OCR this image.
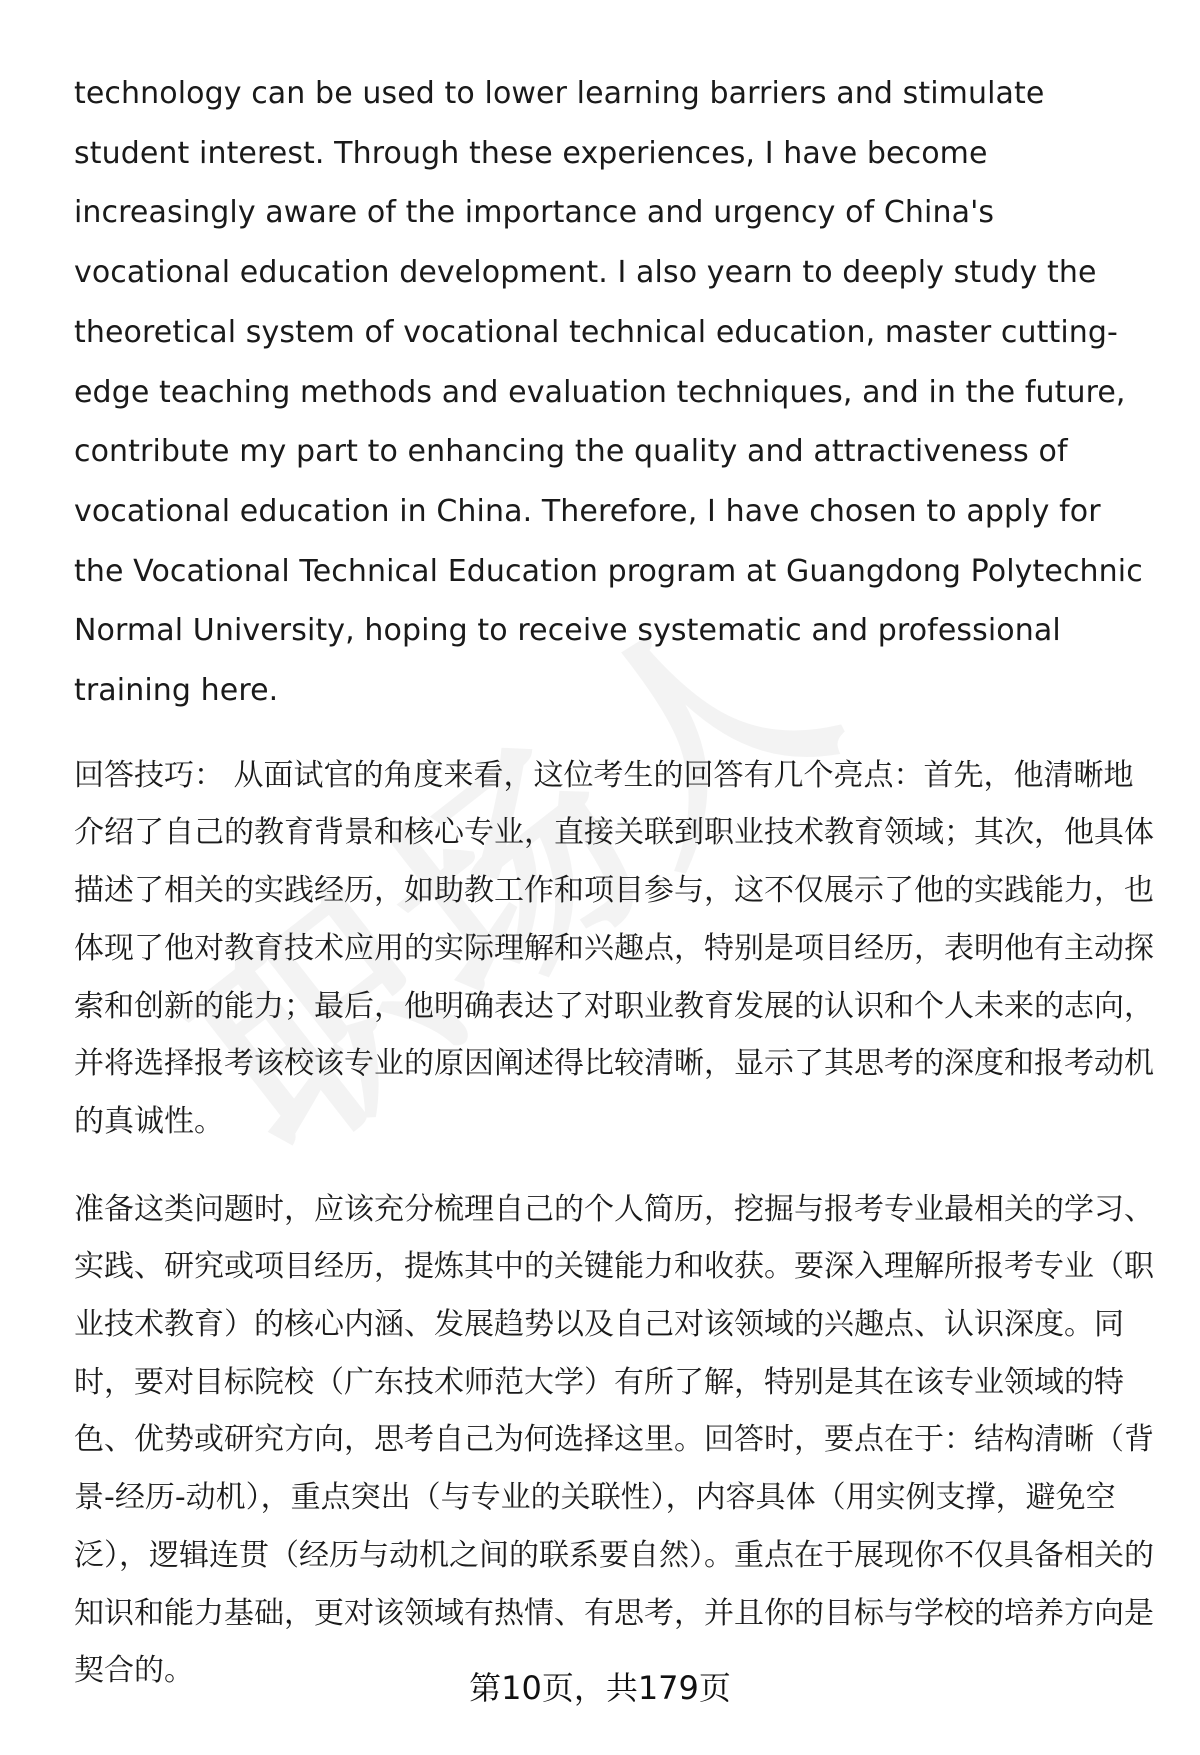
technology can be used to lower learning barriers and stimulate student interest. Through these experiences, I have become increasingly aware of the importance and urgency of China's vocational education development. I also yearn to deeply study the theoretical system of vocational technical education, master cutting-edge teaching methods and evaluation techniques, and in the future, contribute my part to enhancing the quality and attractiveness of vocational education in China. Therefore, I have chosen to apply for the Vocational Technical Education program at Guangdong Polytechnic Normal University, hoping to receive systematic and professional training here.

回答技巧： 从面试官的角度来看，这位考生的回答有几个亮点：首先，他清晰地介绍了自己的教育背景和核心专业，直接关联到职业技术教育领域；其次，他具体描述了相关的实践经历，如助教工作和项目参与，这不仅展示了他的实践能力，也体现了他对教育技术应用的实际理解和兴趣点，特别是项目经历，表明他有主动探索和创新的能力；最后，他明确表达了对职业教育发展的认识和个人未来的志向，并将选择报考该校该专业的原因阐述得比较清晰，显示了其思考的深度和报考动机的真诚性。

准备这类问题时，应该充分梳理自己的个人简历，挖掘与报考专业最相关的学习、实践、研究或项目经历，提炼其中的关键能力和收获。要深入理解所报考专业（职业技术教育）的核心内涵、发展趋势以及自己对该领域的兴趣点、认识深度。同时，要对目标院校（广东技术师范大学）有所了解，特别是其在该专业领域的特色、优势或研究方向，思考自己为何选择这里。回答时，要点在于：结构清晰（背景-经历-动机），重点突出（与专业的关联性），内容具体（用实例支撑，避免空泛），逻辑连贯（经历与动机之间的联系要自然）。重点在于展现你不仅具备相关的知识和能力基础，更对该领域有热情、有思考，并且你的目标与学校的培养方向是契合的。	第10页，共179页
